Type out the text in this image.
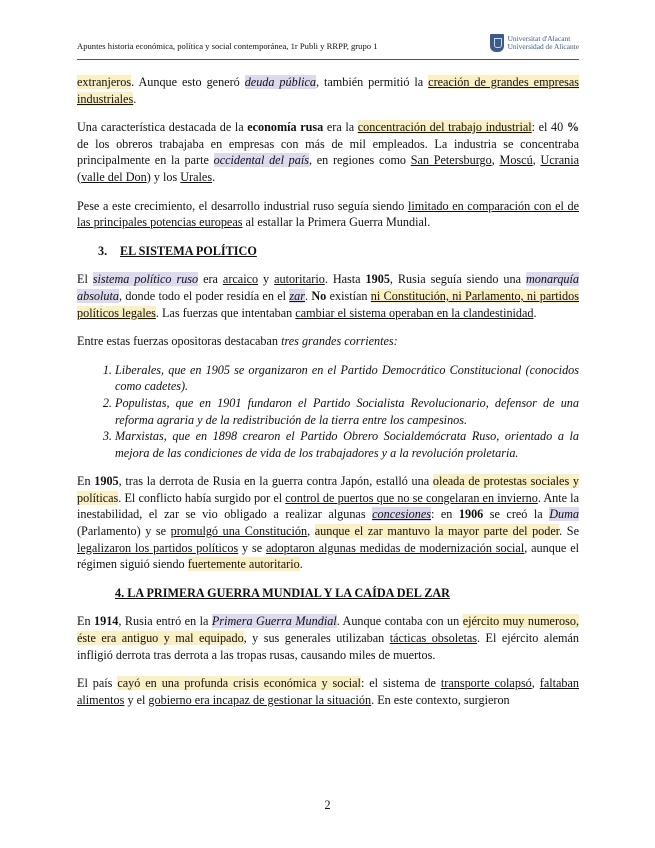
Apuntes historia económica, política y social contemporánea, 1r Publi y RRPP, grupo 1
Universitat d'Alacant
Universidad de Alicante

extranjeros. Aunque esto generó deuda pública, también permitió la creación de grandes empresas industriales.

Una característica destacada de la economía rusa era la concentración del trabajo industrial: el 40 % de los obreros trabajaba en empresas con más de mil empleados. La industria se concentraba principalmente en la parte occidental del país, en regiones como San Petersburgo, Moscú, Ucrania (valle del Don) y los Urales.

Pese a este crecimiento, el desarrollo industrial ruso seguía siendo limitado en comparación con el de las principales potencias europeas al estallar la Primera Guerra Mundial.

3. EL SISTEMA POLÍTICO

El sistema político ruso era arcaico y autoritario. Hasta 1905, Rusia seguía siendo una monarquía absoluta, donde todo el poder residía en el zar. No existían ni Constitución, ni Parlamento, ni partidos políticos legales. Las fuerzas que intentaban cambiar el sistema operaban en la clandestinidad.

Entre estas fuerzas opositoras destacaban tres grandes corrientes:

1. Liberales, que en 1905 se organizaron en el Partido Democrático Constitucional (conocidos como cadetes).
2. Populistas, que en 1901 fundaron el Partido Socialista Revolucionario, defensor de una reforma agraria y de la redistribución de la tierra entre los campesinos.
3. Marxistas, que en 1898 crearon el Partido Obrero Socialdemócrata Ruso, orientado a la mejora de las condiciones de vida de los trabajadores y a la revolución proletaria.

En 1905, tras la derrota de Rusia en la guerra contra Japón, estalló una oleada de protestas sociales y políticas. El conflicto había surgido por el control de puertos que no se congelaran en invierno. Ante la inestabilidad, el zar se vio obligado a realizar algunas concesiones: en 1906 se creó la Duma (Parlamento) y se promulgó una Constitución, aunque el zar mantuvo la mayor parte del poder. Se legalizaron los partidos políticos y se adoptaron algunas medidas de modernización social, aunque el régimen siguió siendo fuertemente autoritario.

4. LA PRIMERA GUERRA MUNDIAL Y LA CAÍDA DEL ZAR

En 1914, Rusia entró en la Primera Guerra Mundial. Aunque contaba con un ejército muy numeroso, éste era antiguo y mal equipado, y sus generales utilizaban tácticas obsoletas. El ejército alemán infligió derrota tras derrota a las tropas rusas, causando miles de muertos.

El país cayó en una profunda crisis económica y social: el sistema de transporte colapsó, faltaban alimentos y el gobierno era incapaz de gestionar la situación. En este contexto, surgieron

2
